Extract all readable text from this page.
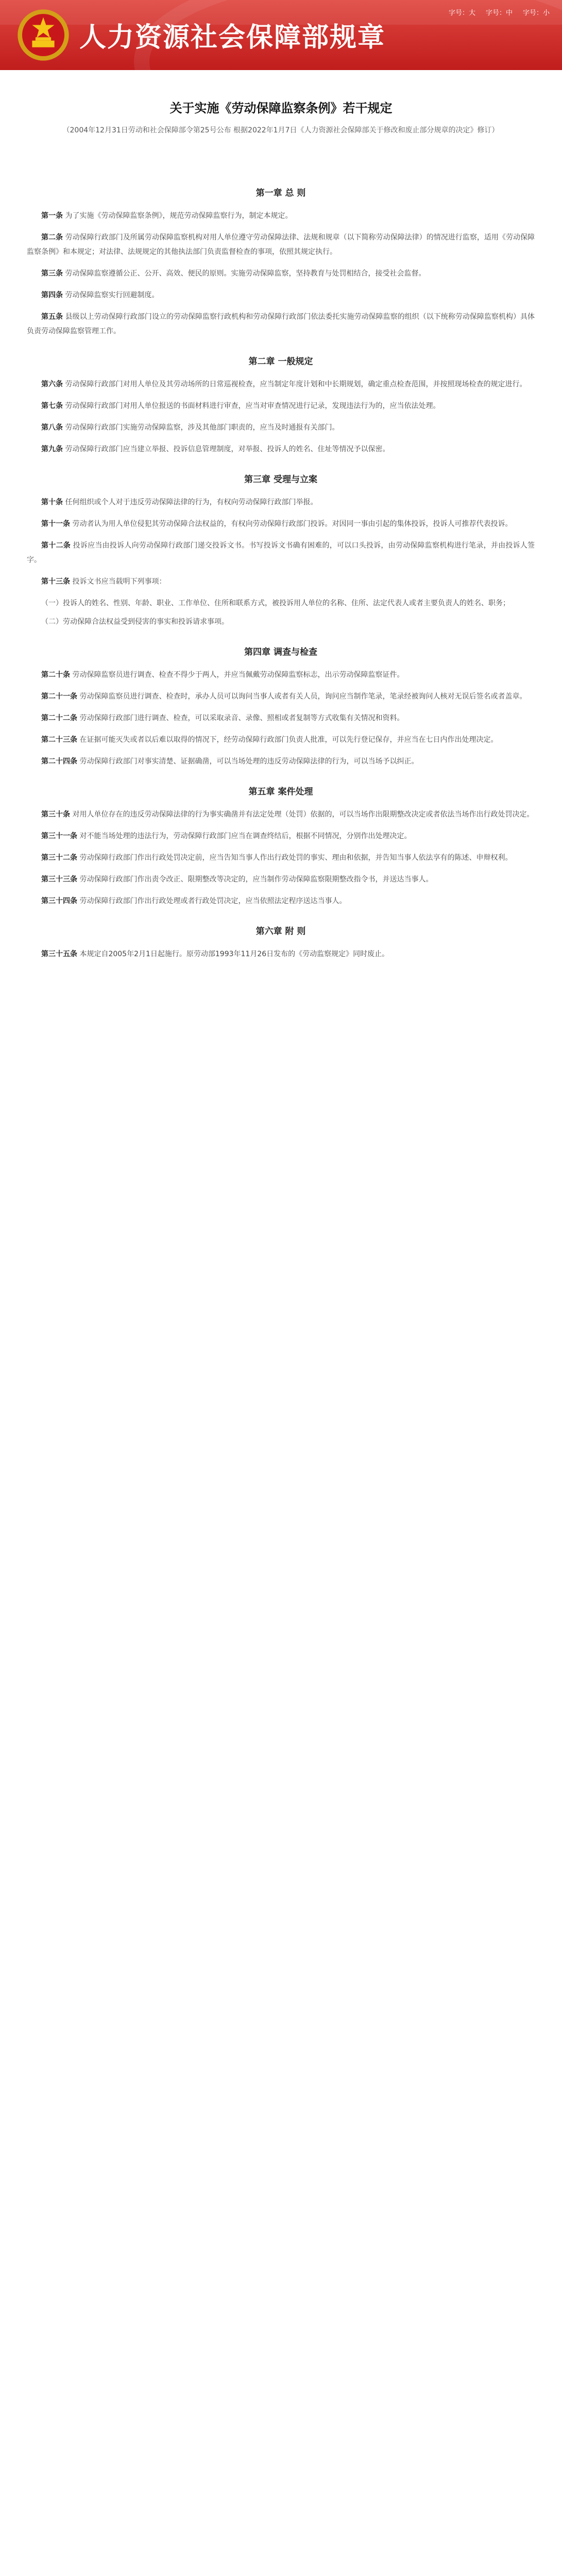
人力资源社会保障部规章
字号：大 字号：中 字号：小
关于实施《劳动保障监察条例》若干规定
（2004年12月31日劳动和社会保障部令第25号公布 根据2022年1月7日《人力资源社会保障部关于修改和废止部分规章的决定》修订）
第一章 总 则

第一条 为了实施《劳动保障监察条例》，规范劳动保障监察行为，制定本规定。

第二条 劳动保障行政部门及所属劳动保障监察机构对用人单位遵守劳动保障法律、法规和规章（以下简称劳动保障法律）的情况进行监察，适用《劳动保障监察条例》和本规定；对法律、法规规定的其他执法部门负责监督检查的事项，依照其规定执行。

第三条 劳动保障监察遵循公正、公开、高效、便民的原则。实施劳动保障监察，坚持教育与处罚相结合，接受社会监督。

第四条 劳动保障监察实行回避制度。

第五条 县级以上劳动保障行政部门设立的劳动保障监察行政机构和劳动保障行政部门依法委托实施劳动保障监察的组织（以下统称劳动保障监察机构）具体负责劳动保障监察管理工作。

第二章 一般规定

第六条 劳动保障行政部门对用人单位及其劳动场所的日常巡视检查，应当制定年度计划和中长期规划，确定重点检查范围，并按照现场检查的规定进行。

第七条 劳动保障行政部门对用人单位报送的书面材料进行审查，应当对审查情况进行记录，发现违法行为的，应当依法处理。

第八条 劳动保障行政部门实施劳动保障监察，涉及其他部门职责的，应当及时通报有关部门。

第九条 劳动保障行政部门应当建立举报、投诉信息管理制度，对举报、投诉人的姓名、住址等情况予以保密。

第三章 受理与立案

第十条 任何组织或个人对于违反劳动保障法律的行为，有权向劳动保障行政部门举报。

第十一条 劳动者认为用人单位侵犯其劳动保障合法权益的，有权向劳动保障行政部门投诉。对因同一事由引起的集体投诉，投诉人可推荐代表投诉。

第十二条 投诉应当由投诉人向劳动保障行政部门递交投诉文书。书写投诉文书确有困难的，可以口头投诉，由劳动保障监察机构进行笔录，并由投诉人签字。

第十三条 投诉文书应当载明下列事项：

（一）投诉人的姓名、性别、年龄、职业、工作单位、住所和联系方式，被投诉用人单位的名称、住所、法定代表人或者主要负责人的姓名、职务；
（二）劳动保障合法权益受到侵害的事实和投诉请求事项。
第四章 调查与检查

第二十条 劳动保障监察员进行调查、检查不得少于两人，并应当佩戴劳动保障监察标志，出示劳动保障监察证件。

第二十一条 劳动保障监察员进行调查、检查时，承办人员可以询问当事人或者有关人员，询问应当制作笔录，笔录经被询问人核对无误后签名或者盖章。

第二十二条 劳动保障行政部门进行调查、检查，可以采取录音、录像、照相或者复制等方式收集有关情况和资料。

第二十三条 在证据可能灭失或者以后难以取得的情况下，经劳动保障行政部门负责人批准，可以先行登记保存，并应当在七日内作出处理决定。

第二十四条 劳动保障行政部门对事实清楚、证据确凿，可以当场处理的违反劳动保障法律的行为，可以当场予以纠正。

第五章 案件处理

第三十条 对用人单位存在的违反劳动保障法律的行为事实确凿并有法定处理（处罚）依据的，可以当场作出限期整改决定或者依法当场作出行政处罚决定。

第三十一条 对不能当场处理的违法行为，劳动保障行政部门应当在调查终结后，根据不同情况，分别作出处理决定。

第三十二条 劳动保障行政部门作出行政处罚决定前，应当告知当事人作出行政处罚的事实、理由和依据，并告知当事人依法享有的陈述、申辩权利。

第三十三条 劳动保障行政部门作出责令改正、限期整改等决定的，应当制作劳动保障监察限期整改指令书，并送达当事人。

第三十四条 劳动保障行政部门作出行政处理或者行政处罚决定，应当依照法定程序送达当事人。

第六章 附 则

第三十五条 本规定自2005年2月1日起施行。原劳动部1993年11月26日发布的《劳动监察规定》同时废止。
